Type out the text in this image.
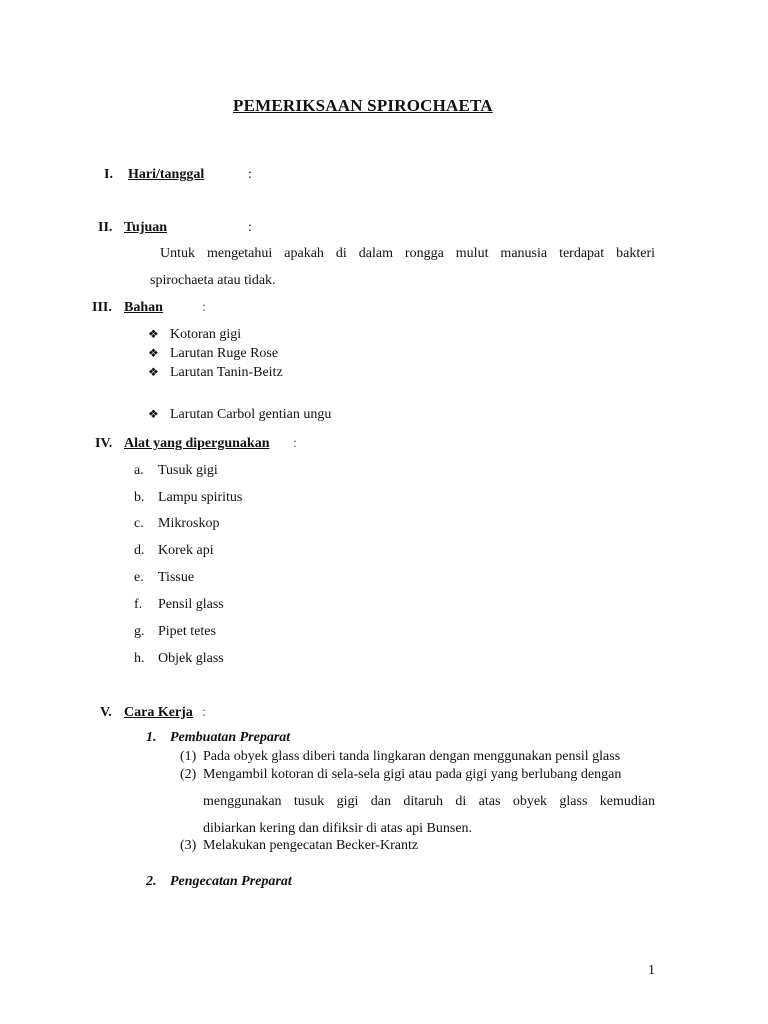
PEMERIKSAAN SPIROCHAETA
I. Hari/tanggal	:
II. Tujuan	:
Untuk mengetahui apakah di dalam rongga mulut manusia terdapat bakteri
spirochaeta atau tidak.
III. Bahan	:
❖ Kotoran gigi
❖ Larutan Ruge Rose
❖ Larutan Tanin-Beitz
❖ Larutan Carbol gentian ungu
IV. Alat yang dipergunakan :
a. Tusuk gigi
b. Lampu spiritus
c. Mikroskop
d. Korek api
e. Tissue
f. Pensil glass
g. Pipet tetes
h. Objek glass
V. Cara Kerja :
1. Pembuatan Preparat
(1) Pada obyek glass diberi tanda lingkaran dengan menggunakan pensil glass
(2) Mengambil kotoran di sela-sela gigi atau pada gigi yang berlubang dengan
menggunakan tusuk gigi dan ditaruh di atas obyek glass kemudian
dibiarkan kering dan difiksir di atas api Bunsen.
(3) Melakukan pengecatan Becker-Krantz
2. Pengecatan Preparat
1
